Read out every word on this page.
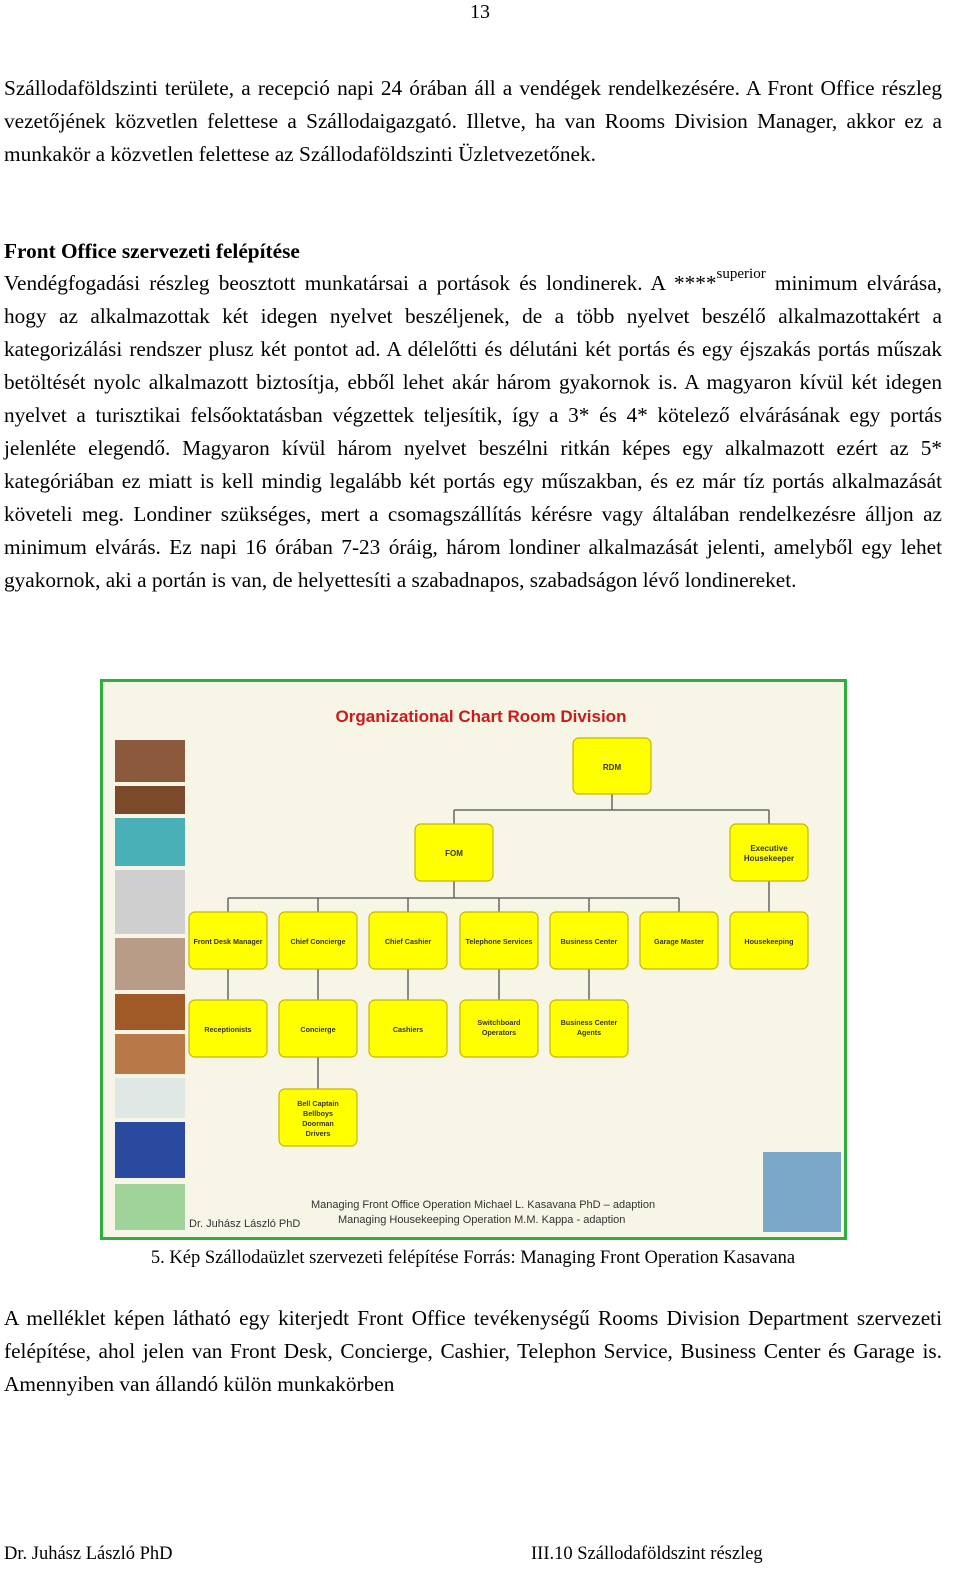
13
Szállodaföldszinti területe, a recepció napi 24 órában áll a vendégek rendelkezésére. A Front Office részleg vezetőjének közvetlen felettese a Szállodaigazgató. Illetve, ha van Rooms Division Manager, akkor ez a munkakör a közvetlen felettese az Szállodaföldszinti Üzletvezetőnek.
Front Office szervezeti felépítése
Vendégfogadási részleg beosztott munkatársai a portások és londinerek. A ****$^{superior}$ minimum elvárása, hogy az alkalmazottak két idegen nyelvet beszéljenek, de a több nyelvet beszélő alkalmazottakért a kategorizálási rendszer plusz két pontot ad. A délelőtti és délutáni két portás és egy éjszakás portás műszak betöltését nyolc alkalmazott biztosítja, ebből lehet akár három gyakornok is. A magyaron kívül két idegen nyelvet a turisztikai felsőoktatásban végzettek teljesítik, így a 3* és 4* kötelező elvárásának egy portás jelenléte elegendő. Magyaron kívül három nyelvet beszélni ritkán képes egy alkalmazott ezért az 5* kategóriában ez miatt is kell mindig legalább két portás egy műszakban, és ez már tíz portás alkalmazását követeli meg. Londiner szükséges, mert a csomagszállítás kérésre vagy általában rendelkezésre álljon az minimum elvárás. Ez napi 16 órában 7-23 óráig, három londiner alkalmazását jelenti, amelyből egy lehet gyakornok, aki a portán is van, de helyettesíti a szabadnapos, szabadságon lévő londinereket.
Organizational Chart Room Division
RDM
FOM
Executive
Housekeeper
Front Desk Manager	Chief Concierge	Chief Cashier	Telephone Services	Business Center	Garage Master	Housekeeping
Receptionists	Concierge	Cashiers
Switchboard
Operators
Business Center
Agents
Bell Captain
Bellboys
Doorman
Drivers
Managing Front Office Operation Michael L. Kasavana PhD – adaption
Managing Housekeeping Operation M.M. Kappa - adaption
Dr. Juhász László PhD
5. Kép Szállodaüzlet szervezeti felépítése Forrás: Managing Front Operation Kasavana
A melléklet képen látható egy kiterjedt Front Office tevékenységű Rooms Division Department szervezeti felépítése, ahol jelen van Front Desk, Concierge, Cashier, Telephon Service, Business Center és Garage is. Amennyiben van állandó külön munkakörben
Dr. Juhász László PhD	III.10 Szállodaföldszint részleg
